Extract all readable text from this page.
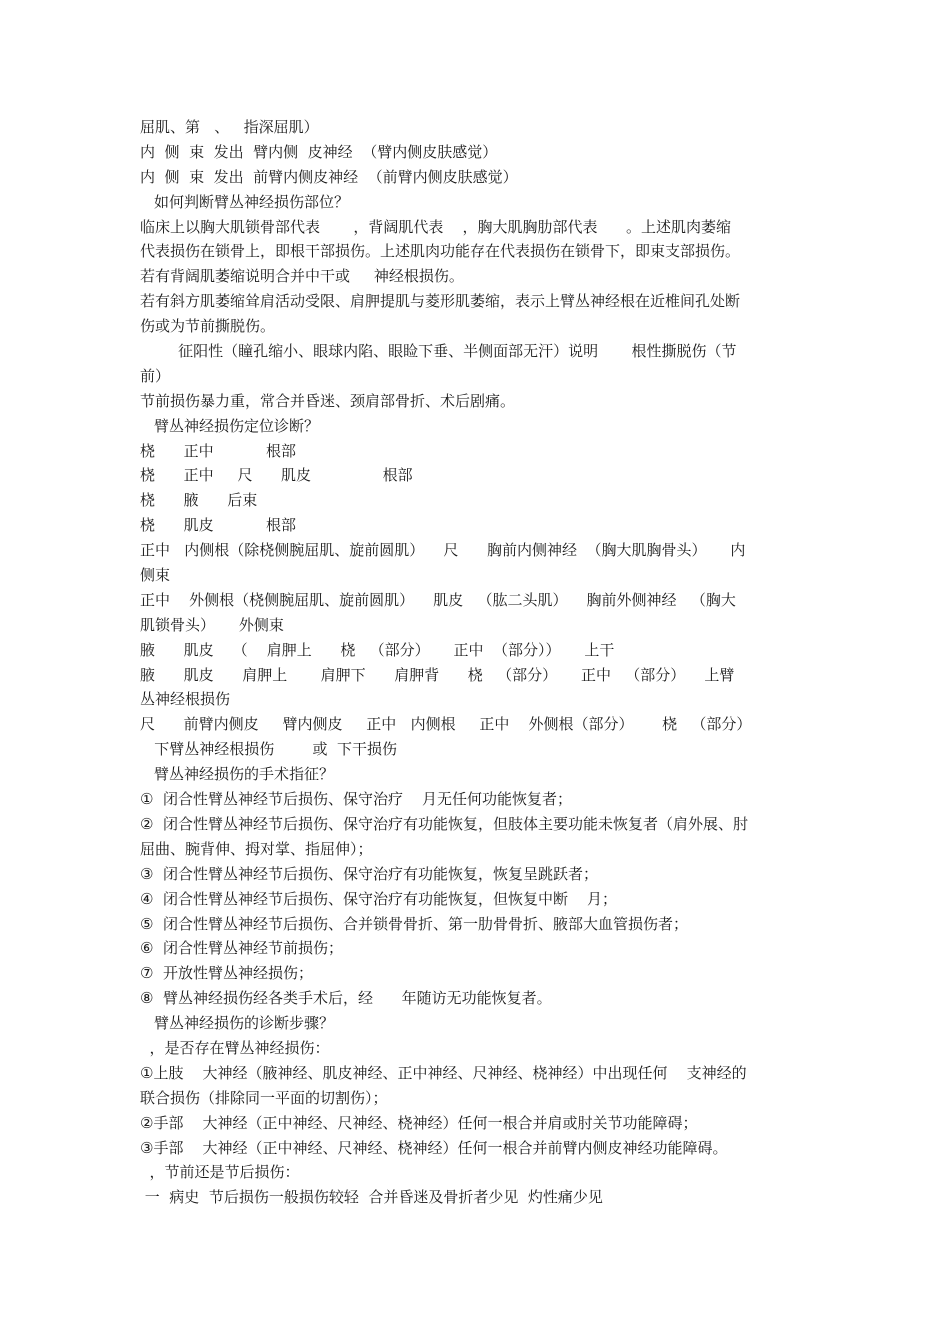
屈肌、第   、   指深屈肌）
内  侧  束  发出  臂内侧  皮神经  （臂内侧皮肤感觉）
内  侧  束  发出  前臂内侧皮神经  （前臂内侧皮肤感觉）
如何判断臂丛神经损伤部位？
临床上以胸大肌锁骨部代表       ，背阔肌代表    ，胸大肌胸肋部代表      。上述肌肉萎缩
代表损伤在锁骨上，即根干部损伤。上述肌肉功能存在代表损伤在锁骨下，即束支部损伤。
若有背阔肌萎缩说明合并中干或     神经根损伤。
若有斜方肌萎缩耸肩活动受限、肩胛提肌与菱形肌萎缩，表示上臂丛神经根在近椎间孔处断
伤或为节前撕脱伤。
征阳性（瞳孔缩小、眼球内陷、眼睑下垂、半侧面部无汗）说明       根性撕脱伤（节
前）
节前损伤暴力重，常合并昏迷、颈肩部骨折、术后剧痛。
臂丛神经损伤定位诊断？
桡      正中           根部
桡      正中     尺      肌皮               根部
桡      腋      后束
桡      肌皮           根部
正中   内侧根（除桡侧腕屈肌、旋前圆肌）    尺      胸前内侧神经  （胸大肌胸骨头）     内
侧束
正中    外侧根（桡侧腕屈肌、旋前圆肌）    肌皮   （肱二头肌）    胸前外侧神经   （胸大
肌锁骨头）     外侧束
腋      肌皮    （    肩胛上      桡   （部分）     正中  （部分））     上干
腋      肌皮      肩胛上       肩胛下      肩胛背      桡   （部分）     正中   （部分）    上臂
丛神经根损伤
尺      前臂内侧皮     臂内侧皮     正中   内侧根     正中    外侧根（部分）      桡   （部分）
下臂丛神经根损伤        或  下干损伤
臂丛神经损伤的手术指征？
①  闭合性臂丛神经节后损伤、保守治疗    月无任何功能恢复者；
②  闭合性臂丛神经节后损伤、保守治疗有功能恢复，但肢体主要功能未恢复者（肩外展、肘
屈曲、腕背伸、拇对掌、指屈伸）；
③  闭合性臂丛神经节后损伤、保守治疗有功能恢复，恢复呈跳跃者；
④  闭合性臂丛神经节后损伤、保守治疗有功能恢复，但恢复中断    月；
⑤  闭合性臂丛神经节后损伤、合并锁骨骨折、第一肋骨骨折、腋部大血管损伤者；
⑥  闭合性臂丛神经节前损伤；
⑦  开放性臂丛神经损伤；
⑧  臂丛神经损伤经各类手术后，经      年随访无功能恢复者。
臂丛神经损伤的诊断步骤？
，是否存在臂丛神经损伤：
①上肢    大神经（腋神经、肌皮神经、正中神经、尺神经、桡神经）中出现任何    支神经的
联合损伤（排除同一平面的切割伤）；
②手部    大神经（正中神经、尺神经、桡神经）任何一根合并肩或肘关节功能障碍；
③手部    大神经（正中神经、尺神经、桡神经）任何一根合并前臂内侧皮神经功能障碍。
，节前还是节后损伤：
一  病史  节后损伤一般损伤较轻  合并昏迷及骨折者少见  灼性痛少见
